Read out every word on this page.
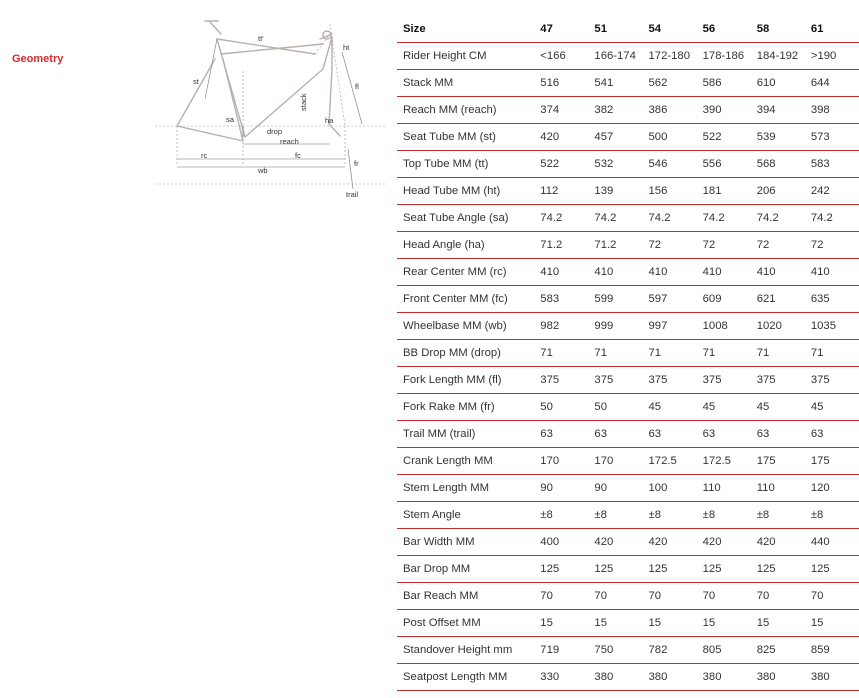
Geometry
tt'
ht
st
fl
stack
sa
drop
reach
ha
rc	fc
fr
wb
trail
Size	47	51	54	56	58	61
Rider Height CM	<166	166-174	172-180	178-186	184-192	>190
Stack MM	516	541	562	586	610	644
Reach MM (reach)	374	382	386	390	394	398
Seat Tube MM (st)	420	457	500	522	539	573
Top Tube MM (tt)	522	532	546	556	568	583
Head Tube MM (ht)	112	139	156	181	206	242
Seat Tube Angle (sa)	74.2	74.2	74.2	74.2	74.2	74.2
Head Angle (ha)	71.2	71.2	72	72	72	72
Rear Center MM (rc)	410	410	410	410	410	410
Front Center MM (fc)	583	599	597	609	621	635
Wheelbase MM (wb)	982	999	997	1008	1020	1035
BB Drop MM (drop)	71	71	71	71	71	71
Fork Length MM (fl)	375	375	375	375	375	375
Fork Rake MM (fr)	50	50	45	45	45	45
Trail MM (trail)	63	63	63	63	63	63
Crank Length MM	170	170	172.5	172.5	175	175
Stem Length MM	90	90	100	110	110	120
Stem Angle	±8	±8	±8	±8	±8	±8
Bar Width MM	400	420	420	420	420	440
Bar Drop MM	125	125	125	125	125	125
Bar Reach MM	70	70	70	70	70	70
Post Offset MM	15	15	15	15	15	15
Standover Height mm	719	750	782	805	825	859
Seatpost Length MM	330	380	380	380	380	380
